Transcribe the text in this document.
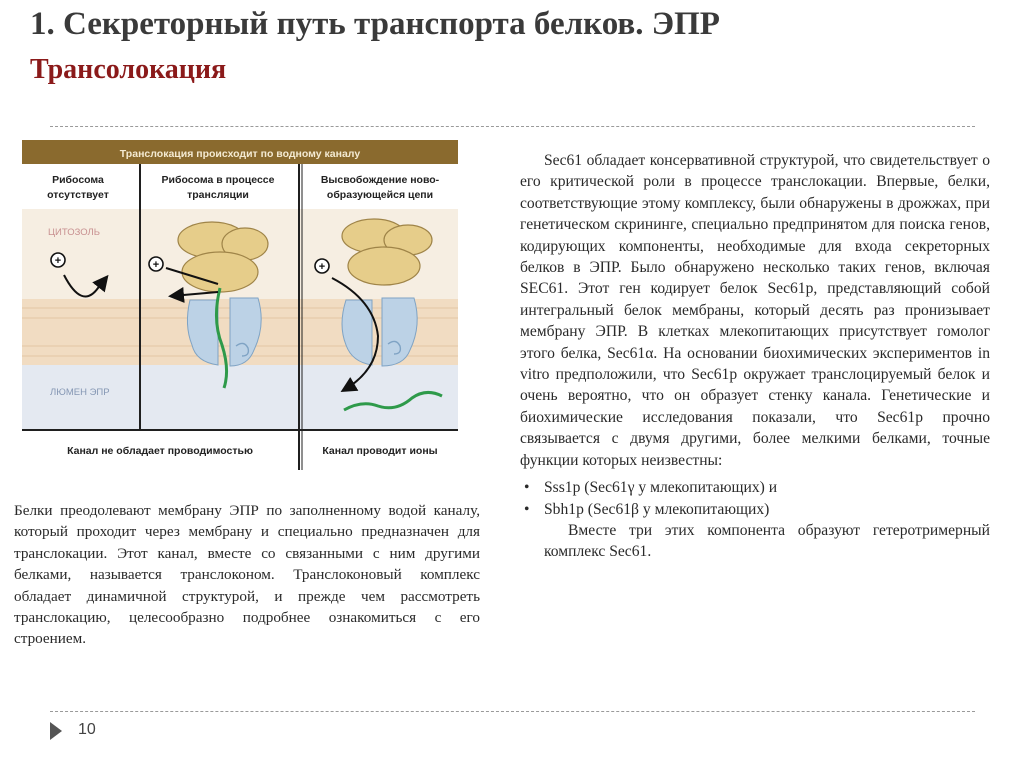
1. Секреторный путь транспорта белков. ЭПР
Трансолокация
Транслокация происходит по водному каналу
Рибосома
отсутствует
Рибосома в процессе
трансляции
Высвобождение ново-
образующейся цепи
ЦИТОЗОЛЬ
ЛЮМЕН ЭПР
Канал не обладает проводимостью	Канал проводит ионы
+	+	+
Белки преодолевают мембрану ЭПР по заполненному водой каналу, который проходит через мембрану и специально предназначен для транслокации. Этот канал, вместе со связанными с ним другими белками, называется транслоконом. Транслоконовый комплекс обладает динамичной структурой, и прежде чем рассмотреть транслокацию, целесообразно подробнее ознакомиться с его строением.

Sec61 обладает консервативной структурой, что свидетельствует о его критической роли в процессе транслокации. Впервые, белки, соответствующие этому комплексу, были обнаружены в дрожжах, при генетическом скрининге, специально предпринятом для поиска генов, кодирующих компоненты, необходимые для входа секреторных белков в ЭПР. Было обнаружено несколько таких генов, включая SEC61. Этот ген кодирует белок Sec61p, представляющий собой интегральный белок мембраны, который десять раз пронизывает мембрану ЭПР. В клетках млекопитающих присутствует гомолог этого белка, Sec61α. На основании биохимических экспериментов in vitro предположили, что Sec61p окружает транслоцируемый белок и очень вероятно, что он образует стенку канала. Генетические и биохимические исследования показали, что Sec61p прочно связывается с двумя другими, более мелкими белками, точные функции которых неизвестны:

• Sss1p (Sec61γ у млекопитающих) и
• Sbh1p (Sec61β у млекопитающих)

Вместе три этих компонента образуют гетеротримерный комплекс Sec61.

10
